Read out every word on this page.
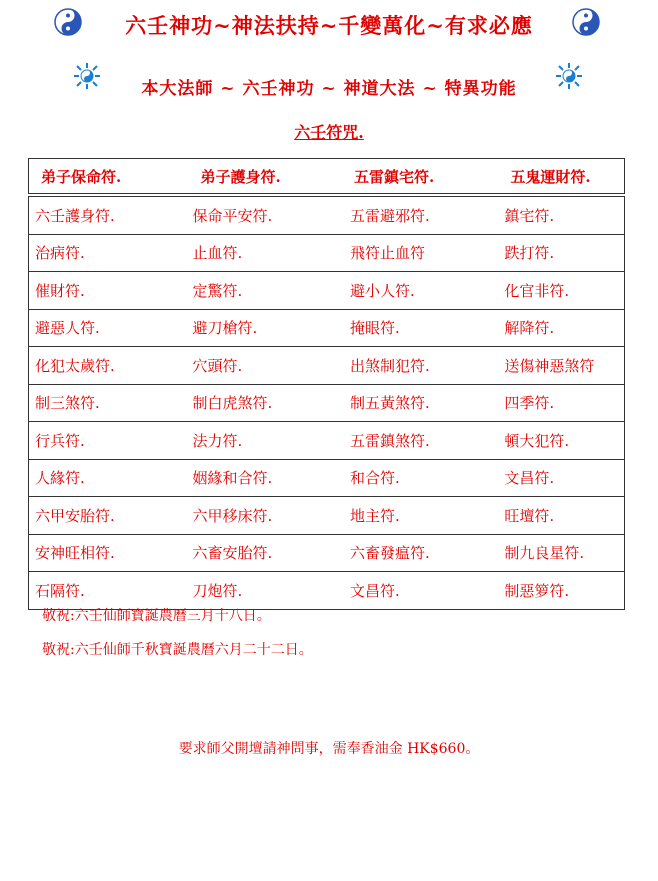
六壬神功~神法扶持~千變萬化~有求必應
本大法師 ~ 六壬神功 ~ 神道大法 ~ 特異功能
六壬符咒.
弟子保命符.	弟子護身符.	五雷鎮宅符.	五鬼運財符.
六壬護身符.	保命平安符.	五雷避邪符.	鎮宅符.
治病符.	止血符.	飛符止血符	跌打符.
催財符.	定驚符.	避小人符.	化官非符.
避惡人符.	避刀槍符.	掩眼符.	解降符.
化犯太歲符.	穴頭符.	出煞制犯符.	送傷神惡煞符
制三煞符.	制白虎煞符.	制五黃煞符.	四季符.
行兵符.	法力符.	五雷鎮煞符.	頓大犯符.
人緣符.	姻緣和合符.	和合符.	文昌符.
六甲安胎符.	六甲移床符.	地主符.	旺壇符.
安神旺相符.	六畜安胎符.	六畜發瘟符.	制九良星符.
石隔符.	刀炮符.	文昌符.	制惡箩符.
敬祝:六壬仙師寶誕農曆三月十八日。
敬祝:六壬仙師千秋寶誕農曆六月二十二日。
要求師父開壇請神問事，需奉香油金 HK$660。
